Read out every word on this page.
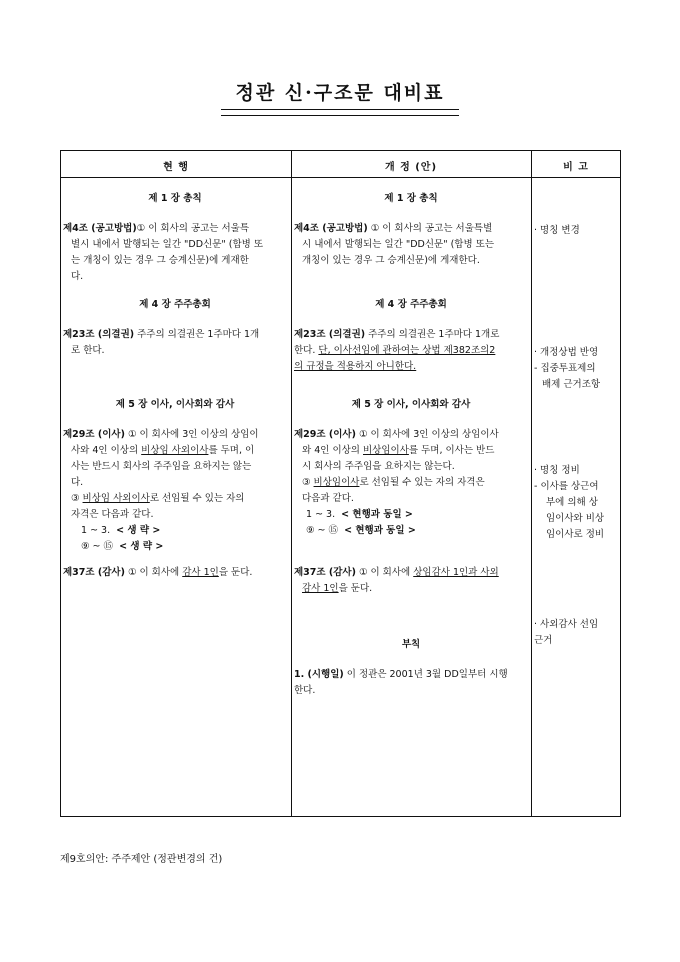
정관 신·구조문 대비표
현 행	개 정 (안)	비 고
제 1 장 총칙
제4조 (공고방법)① 이 회사의 공고는 서울특
별시 내에서 발행되는 일간 "DD신문" (합병 또
는 개칭이 있는 경우 그 승계신문)에 게재한
다.
제 4 장 주주총회
제23조 (의결권) 주주의 의결권은 1주마다 1개
로 한다.
제 5 장 이사, 이사회와 감사
제29조 (이사) ① 이 회사에 3인 이상의 상임이
사와 4인 이상의 비상임 사외이사를 두며, 이
사는 반드시 회사의 주주임을 요하지는 않는
다.
③ 비상임 사외이사로 선임될 수 있는 자의
자격은 다음과 같다.
1 ~ 3. < 생 략 >
⑨ ~ ⑮ < 생 략 >
제37조 (감사) ① 이 회사에 감사 1인을 둔다.
제 1 장 총칙
제4조 (공고방법) ① 이 회사의 공고는 서울특별
시 내에서 발행되는 일간 "DD신문" (합병 또는
개칭이 있는 경우 그 승계신문)에 게재한다.
제 4 장 주주총회
제23조 (의결권) 주주의 의결권은 1주마다 1개로
한다. 단, 이사선임에 관하여는 상법 제382조의2
의 규정을 적용하지 아니한다.
제 5 장 이사, 이사회와 감사
제29조 (이사) ① 이 회사에 3인 이상의 상임이사
와 4인 이상의 비상임이사를 두며, 이사는 반드
시 회사의 주주임을 요하지는 않는다.
③ 비상임이사로 선임될 수 있는 자의 자격은
다음과 같다.
1 ~ 3. < 현행과 동일 >
⑨ ~ ⑮ < 현행과 동일 >
제37조 (감사) ① 이 회사에 상임감사 1인과 사외
감사 1인을 둔다.
부칙
1. (시행일) 이 정관은 2001년 3월 DD일부터 시행
한다.
· 명칭 변경
· 개정상법 반영
- 집중투표제의
배제 근거조항
· 명칭 정비
- 이사를 상근여
부에 의해 상
임이사와 비상
임이사로 정비
· 사외감사 선임
근거
제9호의안: 주주제안 (정관변경의 건)
